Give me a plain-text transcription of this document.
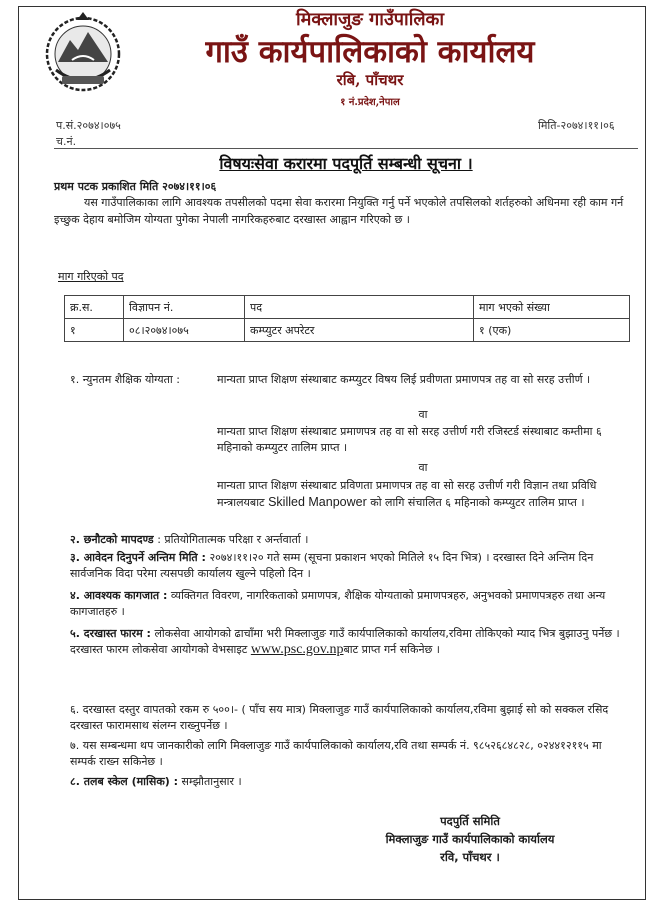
मिक्लाजुङ गाउँपालिका
गाउँ कार्यपालिकाको कार्यालय
रबि, पाँचथर
१ नं.प्रदेश,नेपाल
प.सं.२०७४।०७५
च.नं.
मिति-२०७४।११।०६
विषयःसेवा करारमा पदपूर्ति सम्बन्धी सूचना ।
प्रथम पटक प्रकाशित मिति २०७४।११।०६
यस गाउँपालिकाका लागि आवश्यक तपसीलको पदमा सेवा करारमा नियुक्ति गर्नु पर्ने भएकोले तपसिलको शर्तहरुको अधिनमा रही काम गर्न इच्छुक देहाय बमोजिम योग्यता पुगेका नेपाली नागरिकहरुबाट दरखास्त आह्वान गरिएको छ ।
माग गरिएको पद
क्र.स.	विज्ञापन नं.	पद	माग भएको संख्या
१	०८।२०७४।०७५	कम्प्युटर अपरेटर	१ (एक)
१. न्युनतम शैक्षिक योग्यता :	मान्यता प्राप्त शिक्षण संस्थाबाट कम्प्युटर विषय लिई प्रवीणता प्रमाणपत्र तह वा सो सरह उत्तीर्ण ।
वा
मान्यता प्राप्त शिक्षण संस्थाबाट प्रमाणपत्र तह वा सो सरह उत्तीर्ण गरी रजिस्टर्ड संस्थाबाट कम्तीमा ६ महिनाको कम्प्युटर तालिम प्राप्त ।
वा
मान्यता प्राप्त शिक्षण संस्थाबाट प्रविणता प्रमाणपत्र तह वा सो सरह उत्तीर्ण गरी विज्ञान तथा प्रविधि मन्त्रालयबाट Skilled Manpower को लागि संचालित ६ महिनाको कम्प्युटर तालिम प्राप्त ।
२. छनौटको मापदण्ड : प्रतियोगितात्मक परिक्षा र अर्न्तवार्ता ।
३. आवेदन दिनुपर्ने अन्तिम मिति : २०७४।११।२० गते सम्म (सूचना प्रकाशन भएको मितिले १५ दिन भित्र) । दरखास्त दिने अन्तिम दिन सार्वजनिक विदा परेमा त्यसपछी कार्यालय खुल्ने पहिलो दिन ।
४. आवश्यक कागजात : व्यक्तिगत विवरण, नागरिकताको प्रमाणपत्र, शैक्षिक योग्यताको प्रमाणपत्रहरु, अनुभवको प्रमाणपत्रहरु तथा अन्य कागजातहरु ।
५. दरखास्त फारम : लोकसेवा आयोगको ढाचाँमा भरी मिक्लाजुङ गाउँ कार्यपालिकाको कार्यालय,रविमा तोकिएको म्याद भित्र बुझाउनु पर्नेछ । दरखास्त फारम लोकसेवा आयोगको वेभसाइट www.psc.gov.npबाट प्राप्त गर्न सकिनेछ ।
६. दरखास्त दस्तुर वापतको रकम रु ५००।- ( पाँच सय मात्र) मिक्लाजुङ गाउँ कार्यपालिकाको कार्यालय,रविमा बुझाई सो को सक्कल रसिद दरखास्त फारामसाथ संलग्न राख्नुपर्नेछ ।
७. यस सम्बन्धमा थप जानकारीको लागि मिक्लाजुङ गाउँ कार्यपालिकाको कार्यालय,रवि तथा सम्पर्क नं. ९८५२६८४८२८, ०२४४१२११५ मा सम्पर्क राख्न सकिनेछ ।
८. तलब स्केल (मासिक) : सम्झौतानुसार ।
पदपुर्ति समिति
मिक्लाजुङ गाउँ कार्यपालिकाको कार्यालय
रवि, पाँचथर ।
